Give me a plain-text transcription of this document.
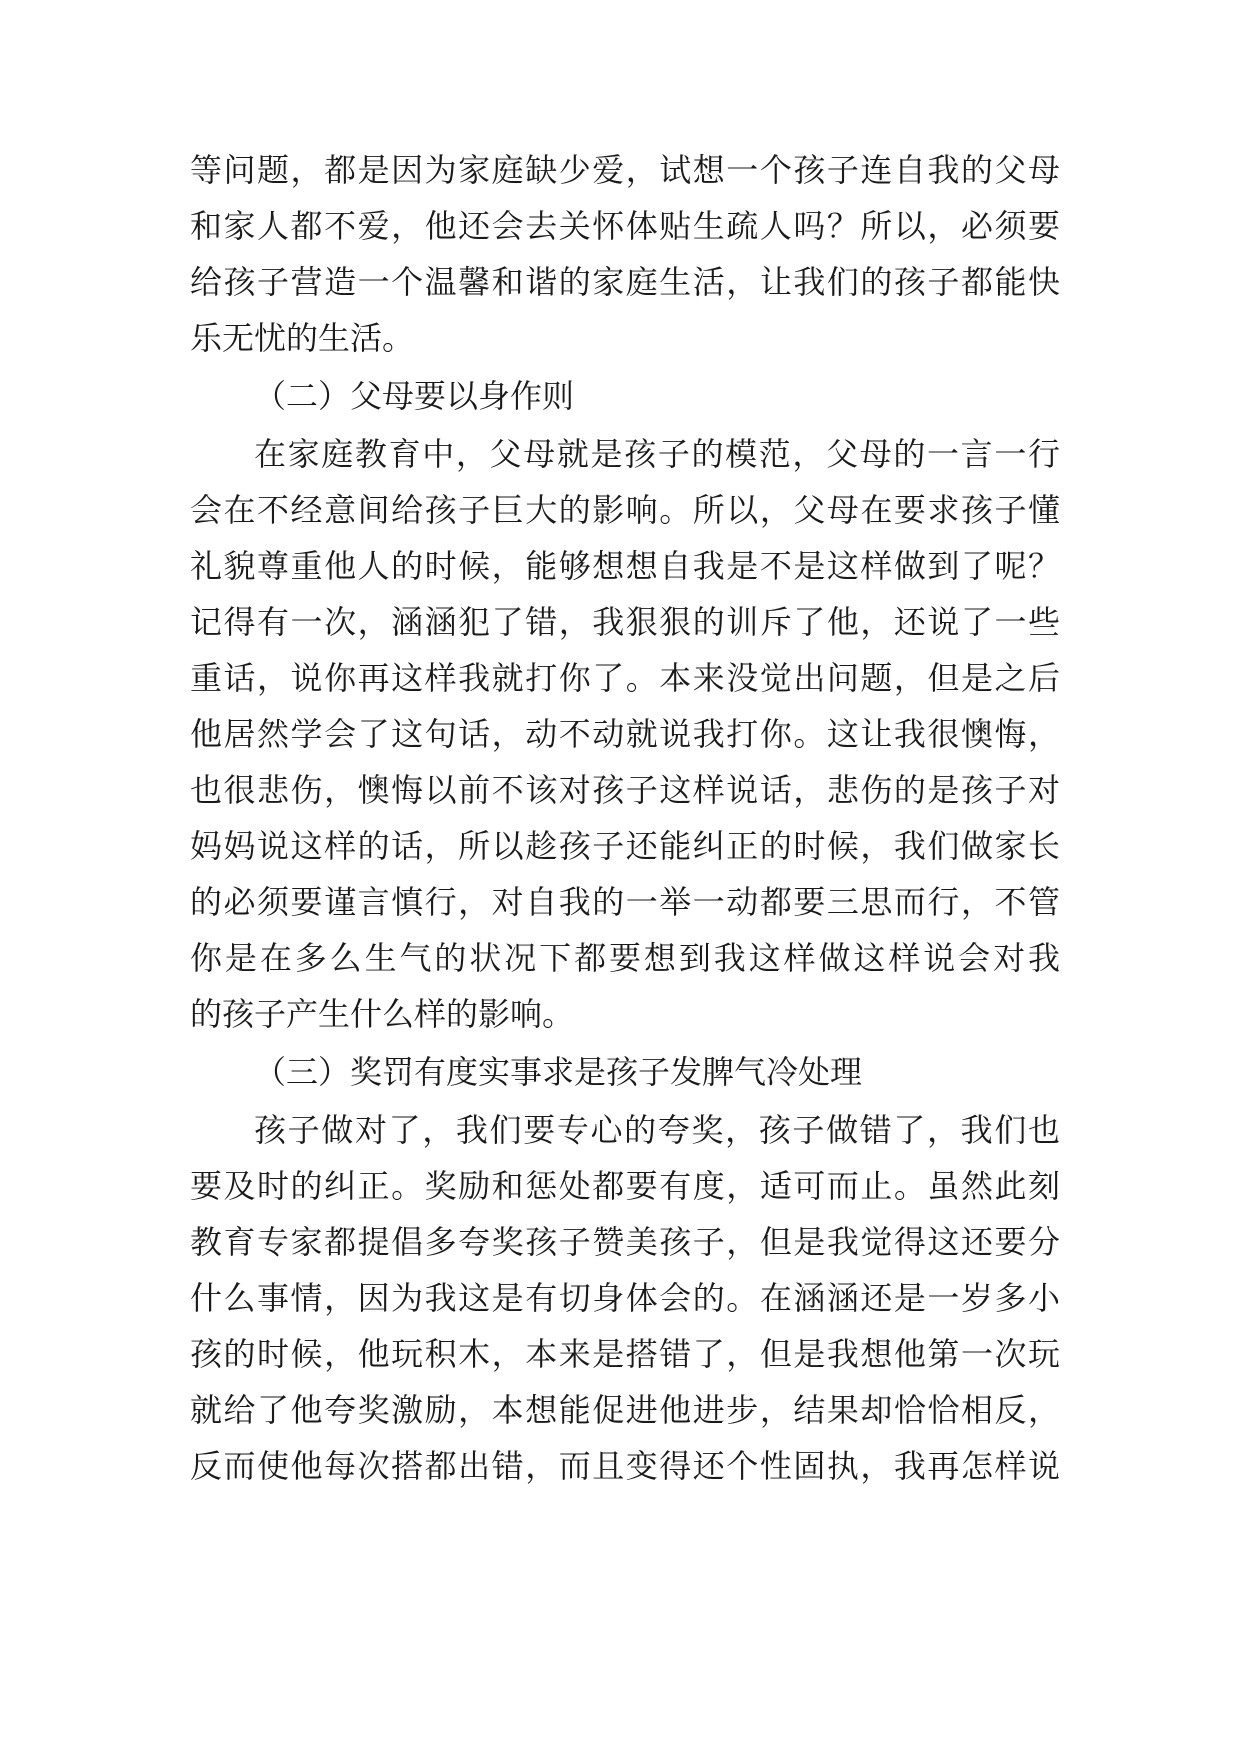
等问题，都是因为家庭缺少爱，试想一个孩子连自我的父母
和家人都不爱，他还会去关怀体贴生疏人吗？所以，必须要
给孩子营造一个温馨和谐的家庭生活，让我们的孩子都能快
乐无忧的生活。
（二）父母要以身作则
在家庭教育中，父母就是孩子的模范，父母的一言一行
会在不经意间给孩子巨大的影响。所以，父母在要求孩子懂
礼貌尊重他人的时候，能够想想自我是不是这样做到了呢？
记得有一次，涵涵犯了错，我狠狠的训斥了他，还说了一些
重话，说你再这样我就打你了。本来没觉出问题，但是之后
他居然学会了这句话，动不动就说我打你。这让我很懊悔，
也很悲伤，懊悔以前不该对孩子这样说话，悲伤的是孩子对
妈妈说这样的话，所以趁孩子还能纠正的时候，我们做家长
的必须要谨言慎行，对自我的一举一动都要三思而行，不管
你是在多么生气的状况下都要想到我这样做这样说会对我
的孩子产生什么样的影响。
（三）奖罚有度实事求是孩子发脾气冷处理
孩子做对了，我们要专心的夸奖，孩子做错了，我们也
要及时的纠正。奖励和惩处都要有度，适可而止。虽然此刻
教育专家都提倡多夸奖孩子赞美孩子，但是我觉得这还要分
什么事情，因为我这是有切身体会的。在涵涵还是一岁多小
孩的时候，他玩积木，本来是搭错了，但是我想他第一次玩
就给了他夸奖激励，本想能促进他进步，结果却恰恰相反，
反而使他每次搭都出错，而且变得还个性固执，我再怎样说
